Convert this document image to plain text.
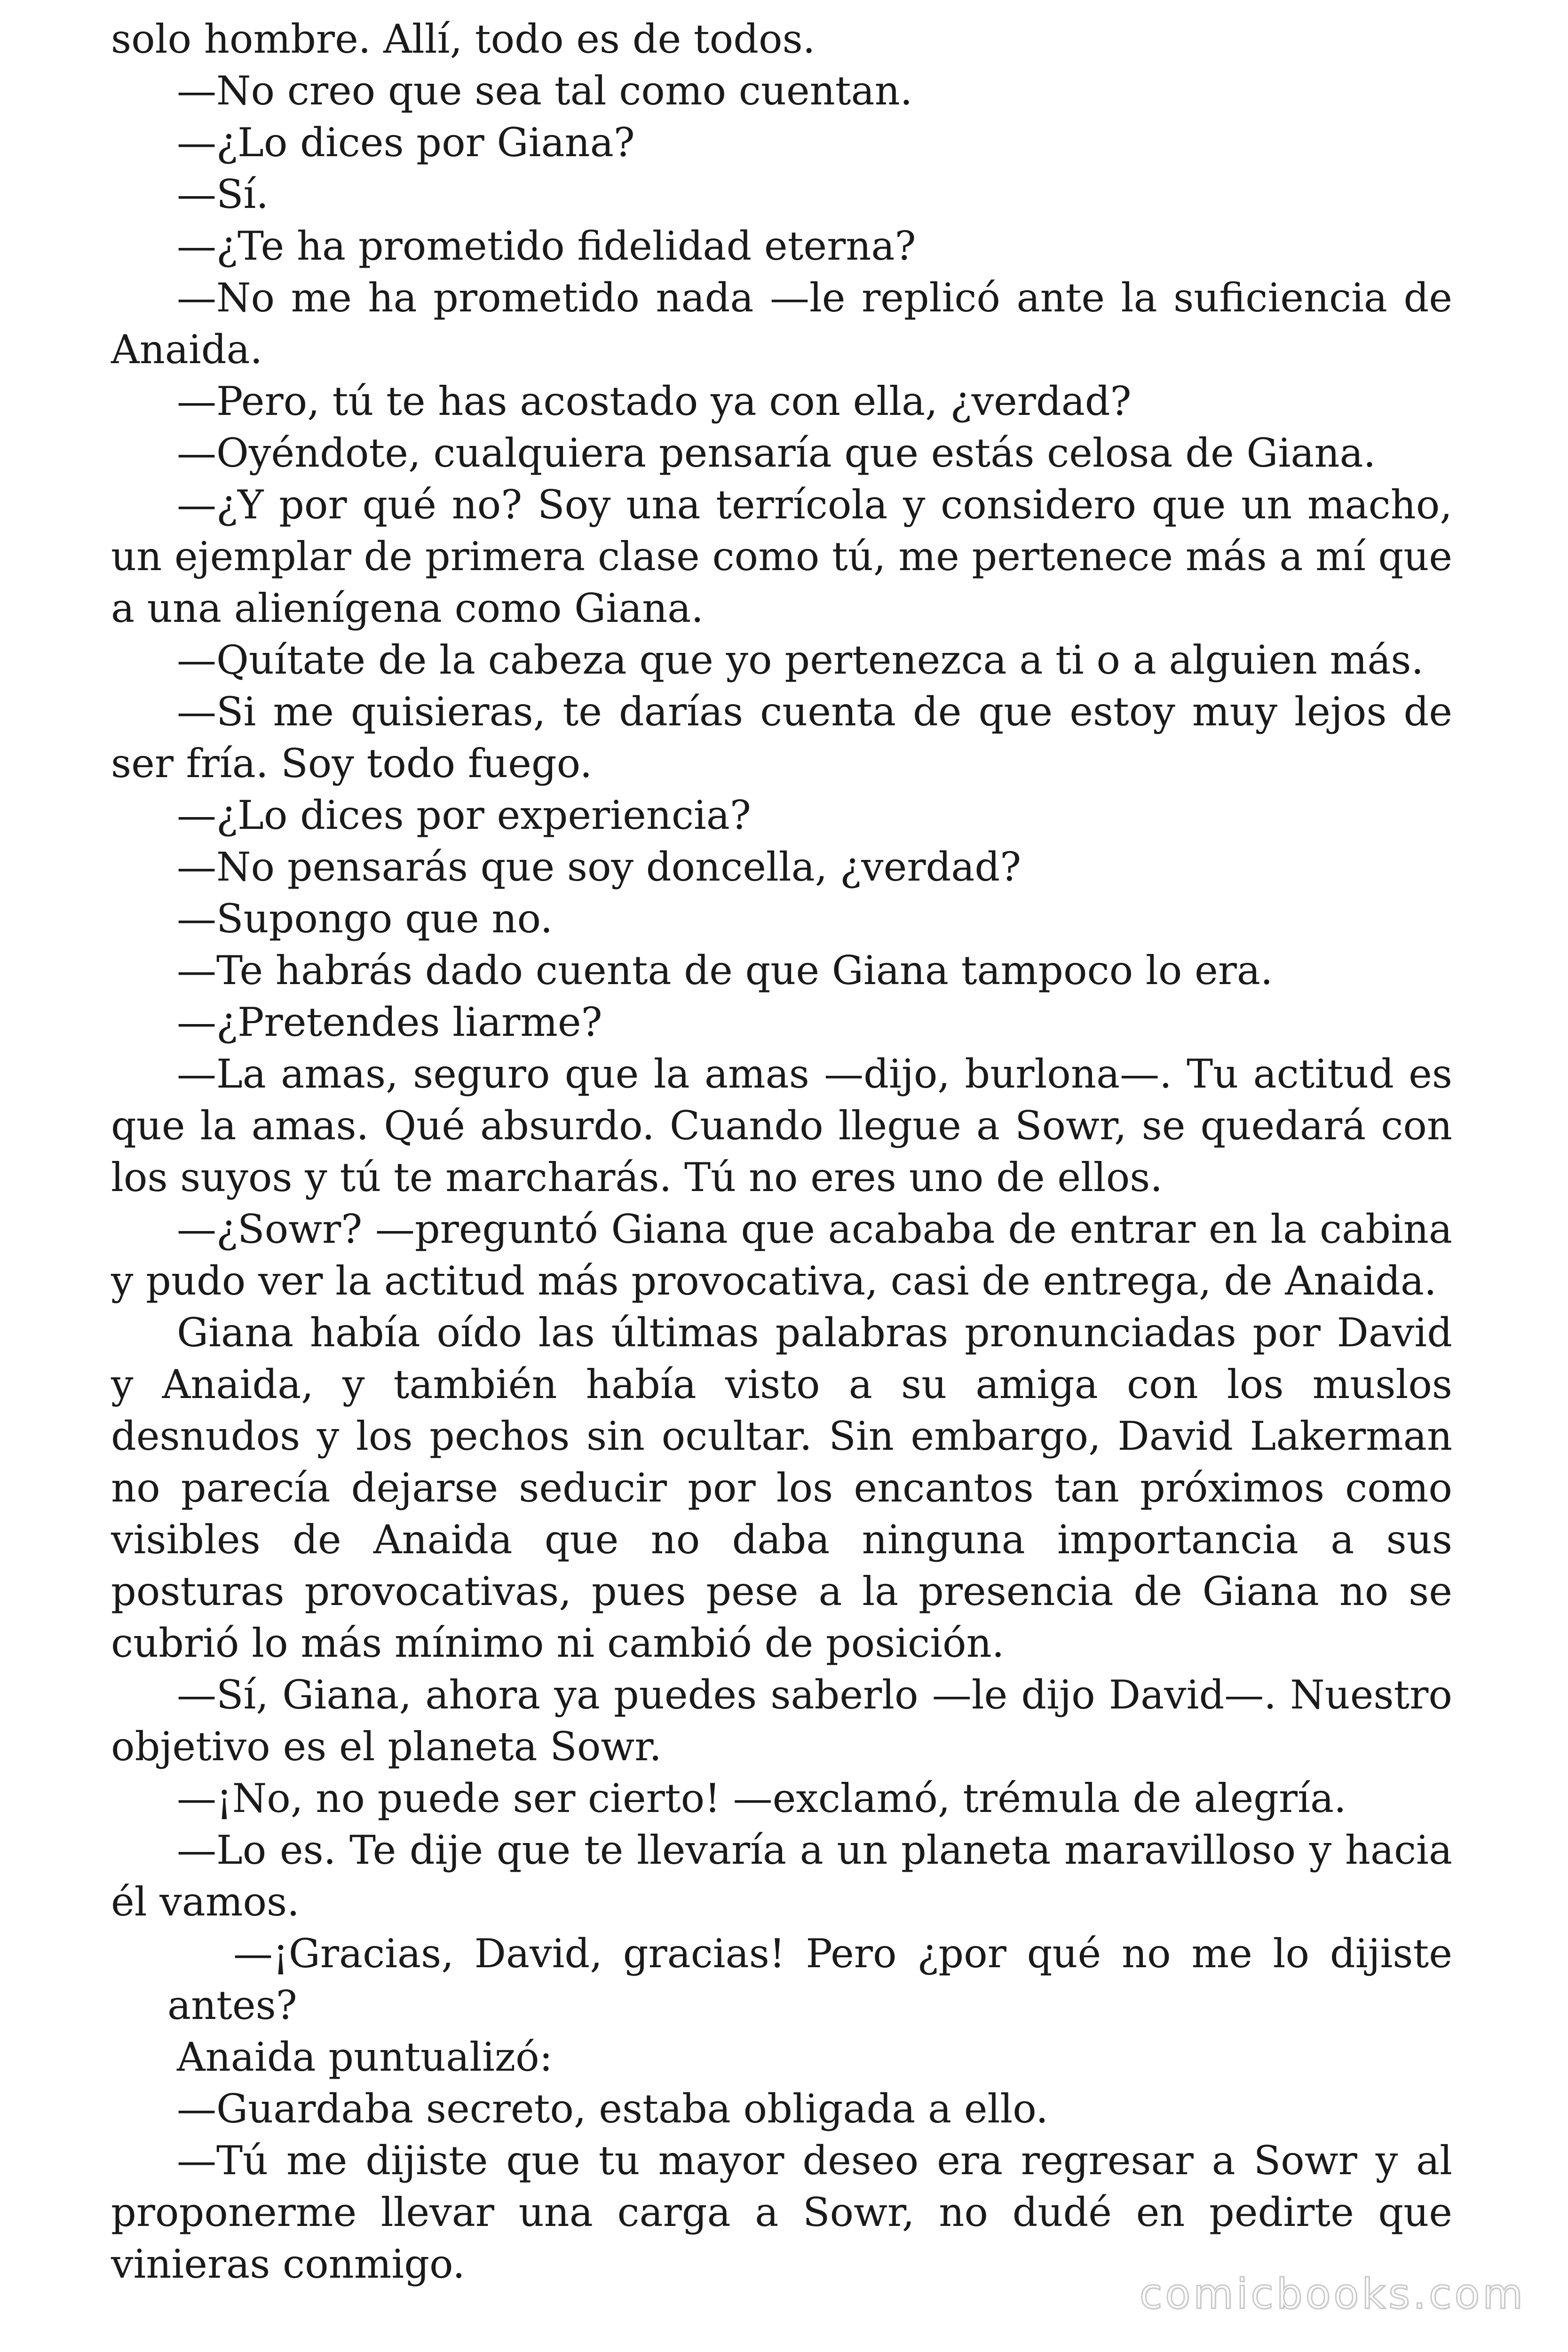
solo hombre. Allí, todo es de todos.

—No creo que sea tal como cuentan.

—¿Lo dices por Giana?

—Sí.

—¿Te ha prometido fidelidad eterna?

—No me ha prometido nada —le replicó ante la suficiencia de Anaida.

—Pero, tú te has acostado ya con ella, ¿verdad?

—Oyéndote, cualquiera pensaría que estás celosa de Giana.

—¿Y por qué no? Soy una terrícola y considero que un macho, un ejemplar de primera clase como tú, me pertenece más a mí que a una alienígena como Giana.

—Quítate de la cabeza que yo pertenezca a ti o a alguien más.

—Si me quisieras, te darías cuenta de que estoy muy lejos de ser fría. Soy todo fuego.

—¿Lo dices por experiencia?

—No pensarás que soy doncella, ¿verdad?

—Supongo que no.

—Te habrás dado cuenta de que Giana tampoco lo era.

—¿Pretendes liarme?

—La amas, seguro que la amas —dijo, burlona—. Tu actitud es que la amas. Qué absurdo. Cuando llegue a Sowr, se quedará con los suyos y tú te marcharás. Tú no eres uno de ellos.

—¿Sowr? —preguntó Giana que acababa de entrar en la cabina y pudo ver la actitud más provocativa, casi de entrega, de Anaida.

Giana había oído las últimas palabras pronunciadas por David y Anaida, y también había visto a su amiga con los muslos desnudos y los pechos sin ocultar. Sin embargo, David Lakerman no parecía dejarse seducir por los encantos tan próximos como visibles de Anaida que no daba ninguna importancia a sus posturas provocativas, pues pese a la presencia de Giana no se cubrió lo más mínimo ni cambió de posición.

—Sí, Giana, ahora ya puedes saberlo —le dijo David—. Nuestro objetivo es el planeta Sowr.

—¡No, no puede ser cierto! —exclamó, trémula de alegría.

—Lo es. Te dije que te llevaría a un planeta maravilloso y hacia él vamos.

—¡Gracias, David, gracias! Pero ¿por qué no me lo dijiste antes?

Anaida puntualizó:

—Guardaba secreto, estaba obligada a ello.

—Tú me dijiste que tu mayor deseo era regresar a Sowr y al proponerme llevar una carga a Sowr, no dudé en pedirte que vinieras conmigo.

comicbooks.com
